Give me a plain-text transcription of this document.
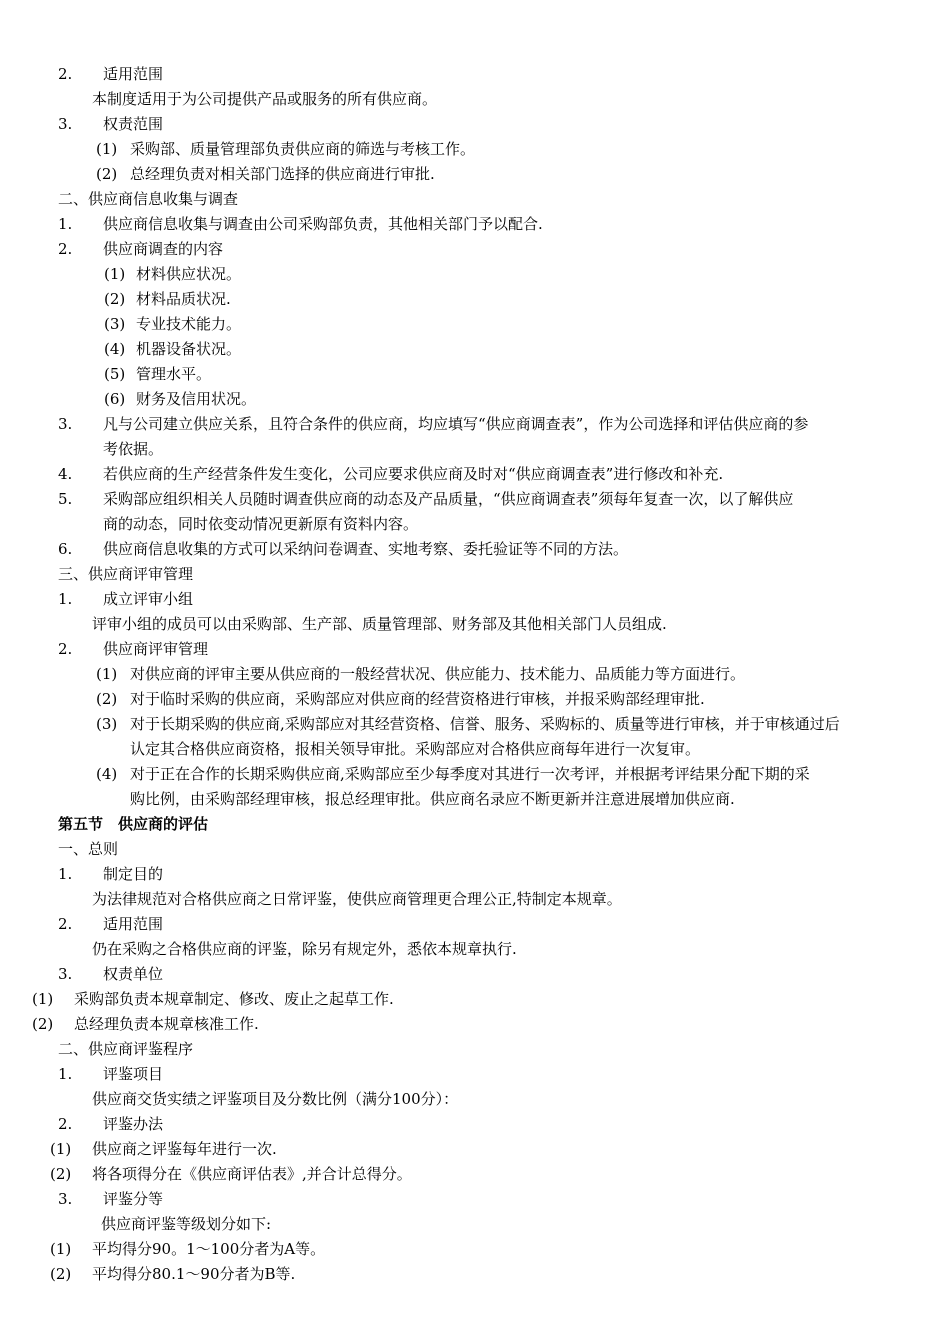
2. 适用范围
本制度适用于为公司提供产品或服务的所有供应商。
3. 权责范围
(1) 采购部、质量管理部负责供应商的筛选与考核工作。
(2) 总经理负责对相关部门选择的供应商进行审批.
二、供应商信息收集与调查
1. 供应商信息收集与调查由公司采购部负责，其他相关部门予以配合.
2. 供应商调查的内容
(1) 材料供应状况。
(2) 材料品质状况.
(3) 专业技术能力。
(4) 机器设备状况。
(5) 管理水平。
(6) 财务及信用状况。
3. 凡与公司建立供应关系，且符合条件的供应商，均应填写“供应商调查表”，作为公司选择和评估供应商的参
考依据。
4. 若供应商的生产经营条件发生变化，公司应要求供应商及时对“供应商调查表”进行修改和补充.
5. 采购部应组织相关人员随时调查供应商的动态及产品质量，“供应商调查表”须每年复查一次，以了解供应
商的动态，同时依变动情况更新原有资料内容。
6. 供应商信息收集的方式可以采纳问卷调查、实地考察、委托验证等不同的方法。
三、供应商评审管理
1. 成立评审小组
评审小组的成员可以由采购部、生产部、质量管理部、财务部及其他相关部门人员组成.
2. 供应商评审管理
(1) 对供应商的评审主要从供应商的一般经营状况、供应能力、技术能力、品质能力等方面进行。
(2) 对于临时采购的供应商，采购部应对供应商的经营资格进行审核，并报采购部经理审批.
(3) 对于长期采购的供应商,采购部应对其经营资格、信誉、服务、采购标的、质量等进行审核，并于审核通过后
认定其合格供应商资格，报相关领导审批。采购部应对合格供应商每年进行一次复审。
(4) 对于正在合作的长期采购供应商,采购部应至少每季度对其进行一次考评，并根据考评结果分配下期的采
购比例，由采购部经理审核，报总经理审批。供应商名录应不断更新并注意进展增加供应商.
第五节　供应商的评估
一、总则
1. 制定目的
为法律规范对合格供应商之日常评鉴，使供应商管理更合理公正,特制定本规章。
2. 适用范围
仍在采购之合格供应商的评鉴，除另有规定外，悉依本规章执行.
3. 权责单位
(1) 采购部负责本规章制定、修改、废止之起草工作.
(2) 总经理负责本规章核准工作.
二、供应商评鉴程序
1. 评鉴项目
供应商交货实绩之评鉴项目及分数比例（满分100分）：
2. 评鉴办法
(1) 供应商之评鉴每年进行一次.
(2) 将各项得分在《供应商评估表》,并合计总得分。
3. 评鉴分等
供应商评鉴等级划分如下:
(1) 平均得分90。1～100分者为A等。
(2) 平均得分80.1～90分者为B等.
